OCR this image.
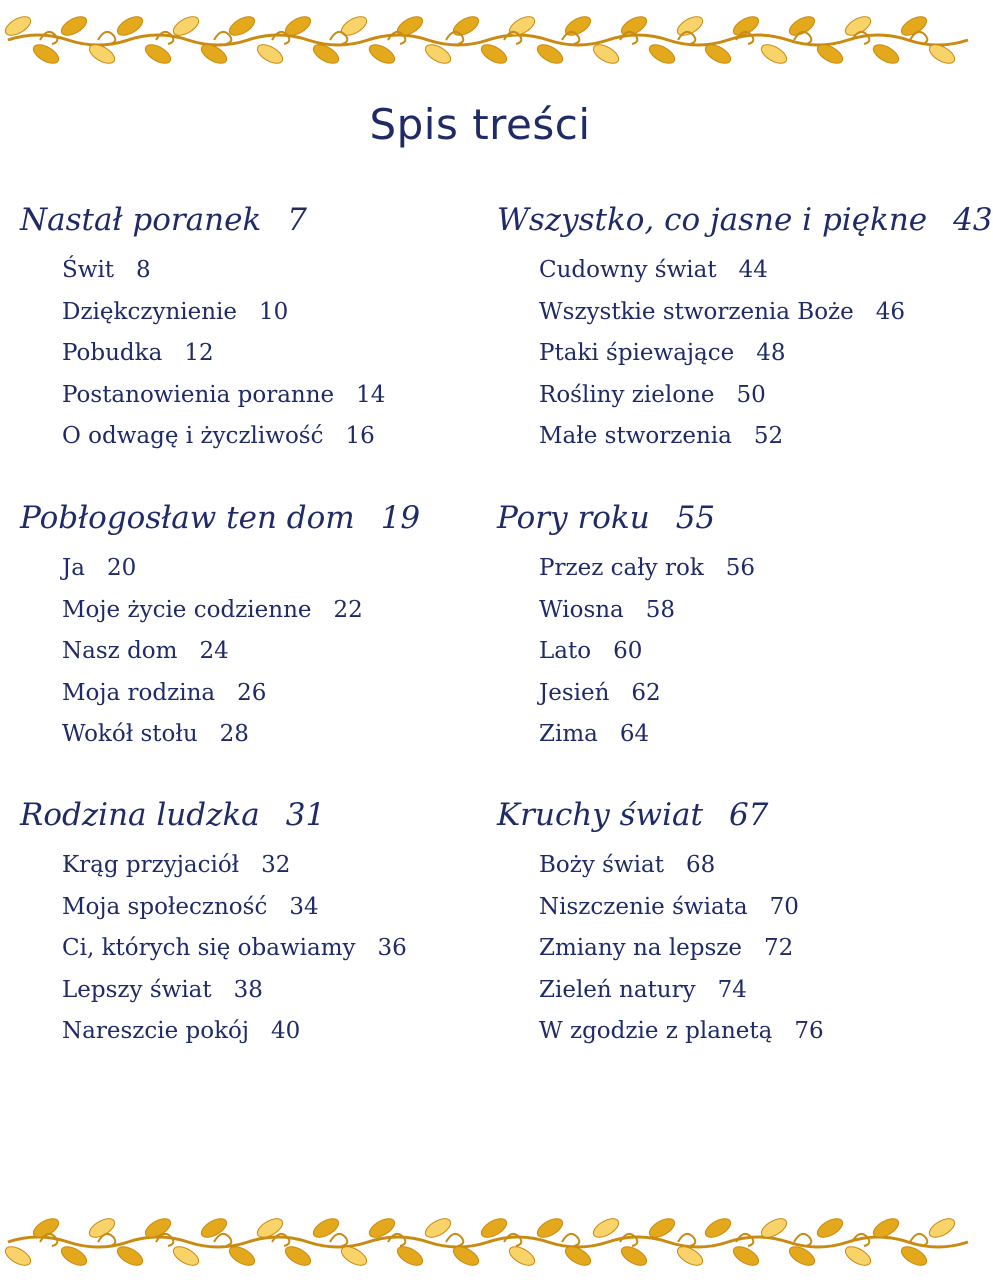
Spis treści
Nastał poranek 7
Świt 8
Dziękczynienie 10
Pobudka 12
Postanowienia poranne 14
O odwagę i życzliwość 16
Wszystko, co jasne i piękne 43
Cudowny świat 44
Wszystkie stworzenia Boże 46
Ptaki śpiewające 48
Rośliny zielone 50
Małe stworzenia 52
Pobłogosław ten dom 19
Ja 20
Moje życie codzienne 22
Nasz dom 24
Moja rodzina 26
Wokół stołu 28
Pory roku 55
Przez cały rok 56
Wiosna 58
Lato 60
Jesień 62
Zima 64
Rodzina ludzka 31
Krąg przyjaciół 32
Moja społeczność 34
Ci, których się obawiamy 36
Lepszy świat 38
Nareszcie pokój 40
Kruchy świat 67
Boży świat 68
Niszczenie świata 70
Zmiany na lepsze 72
Zieleń natury 74
W zgodzie z planetą 76
